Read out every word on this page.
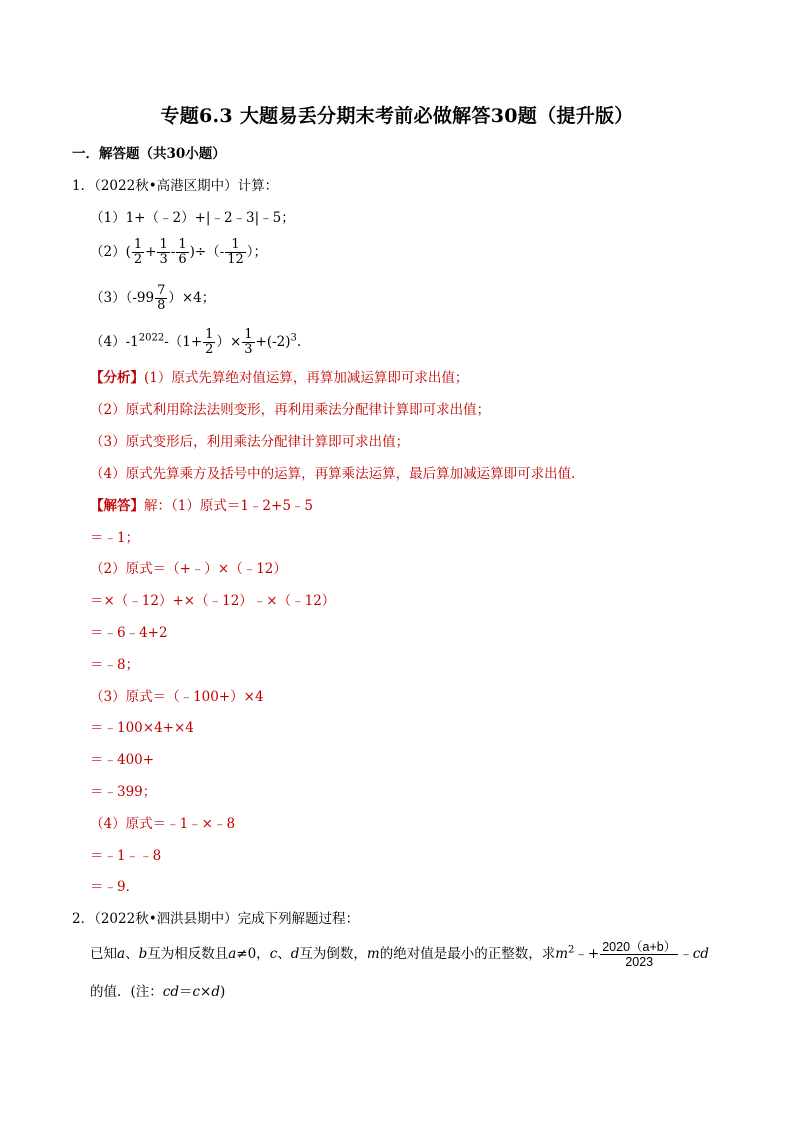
专题6.3 大题易丢分期末考前必做解答30题（提升版）
一．解答题（共30小题）
1．（2022秋•高港区期中）计算：
（1）1+（﹣2）+|﹣2﹣3|﹣5；
$(2)( \frac{1}{2} + \frac{1}{3} - \frac{1}{6}$ )÷（- $\frac{1}{12}$ ）；
$(3)(-99 \frac{7}{8} )\times 4$；
$(4)-1^{2022}-(1+ \frac{1}{2}$ ）× $\frac{1}{3} +(-2)^3$.
【分析】(1）原式先算绝对值运算，再算加减运算即可求出值；
（2）原式利用除法法则变形，再利用乘法分配律计算即可求出值；
（3）原式变形后，利用乘法分配律计算即可求出值；
（4）原式先算乘方及括号中的运算，再算乘法运算，最后算加减运算即可求出值．
【解答】解：（1）原式＝1﹣2+5﹣5
＝﹣1；
（2）原式＝（+﹣）×（﹣12）
＝×（﹣12）+×（﹣12）﹣×（﹣12）
＝﹣6﹣4+2
＝﹣8；
（3）原式＝（﹣100+）×4
＝﹣100×4+×4
＝﹣400+
＝﹣399；
（4）原式＝﹣1﹣×﹣8
＝﹣1﹣﹣8
＝﹣9．
2．（2022秋•泗洪县期中）完成下列解题过程：
已知a、b互为相反数且a≠0，c、d互为倒数，m的绝对值是最小的正整数，求$m^2﹣+ \frac{2020(a+b)}{2023}$ ﹣cd
的值．(注：cd＝c×d)
